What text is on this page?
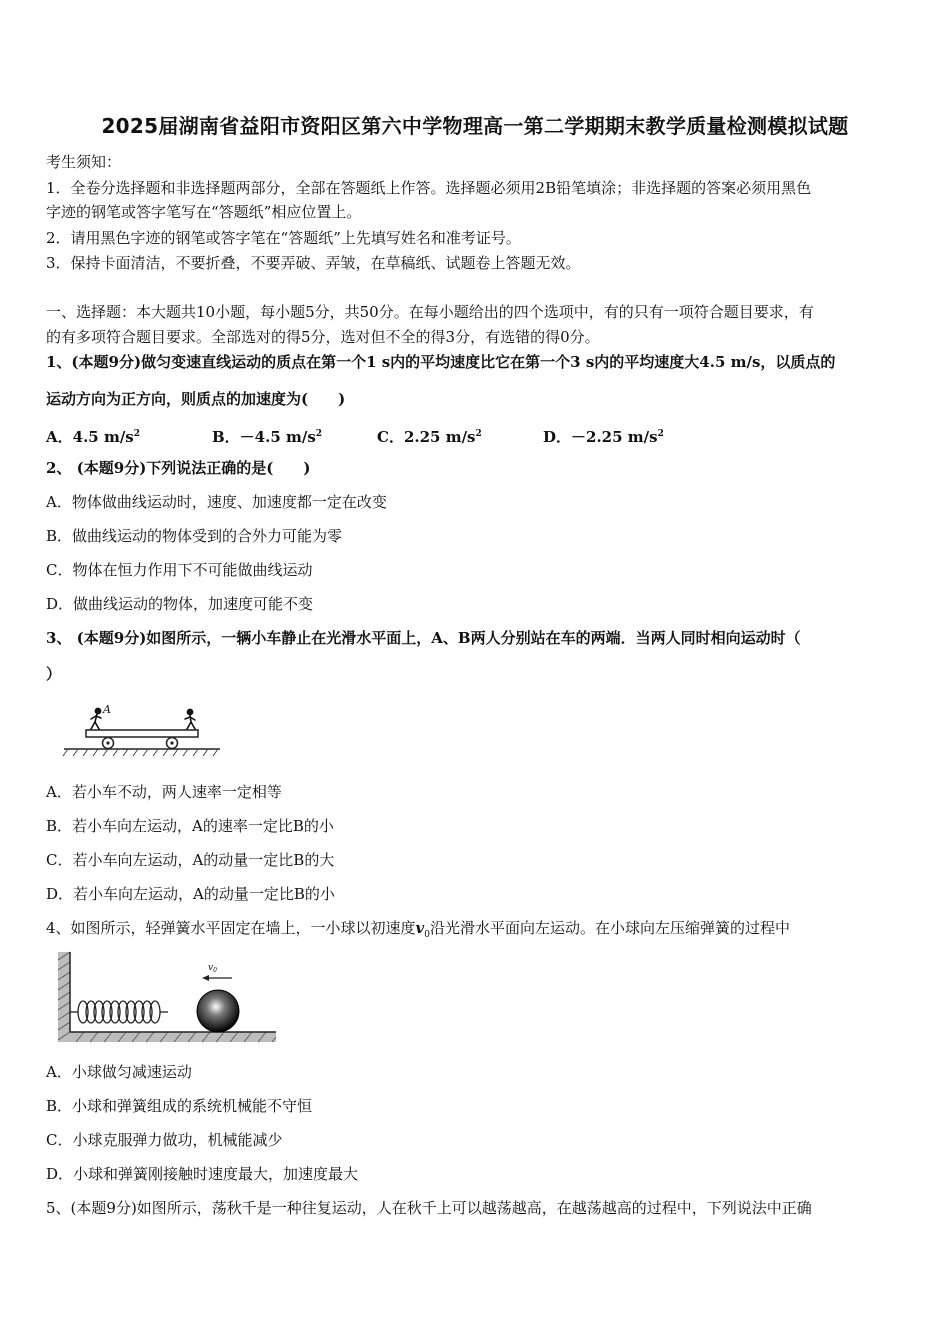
2025届湖南省益阳市资阳区第六中学物理高一第二学期期末教学质量检测模拟试题
考生须知：
1．全卷分选择题和非选择题两部分，全部在答题纸上作答。选择题必须用2B铅笔填涂；非选择题的答案必须用黑色
字迹的钢笔或答字笔写在“答题纸”相应位置上。
2．请用黑色字迹的钢笔或答字笔在“答题纸”上先填写姓名和准考证号。
3．保持卡面清洁，不要折叠，不要弄破、弄皱，在草稿纸、试题卷上答题无效。
一、选择题：本大题共10小题，每小题5分，共50分。在每小题给出的四个选项中，有的只有一项符合题目要求，有
的有多项符合题目要求。全部选对的得5分，选对但不全的得3分，有选错的得0分。
1、(本题9分)做匀变速直线运动的质点在第一个1 s内的平均速度比它在第一个3 s内的平均速度大4.5 m/s，以质点的
运动方向为正方向，则质点的加速度为(　　)
A．4.5 $m/s^2$	B．－4.5 $m/s^2$	C．2.25 $m/s^2$	D．－2.25 $m/s^2$
2、 (本题9分)下列说法正确的是(　　)
A．物体做曲线运动时，速度、加速度都一定在改变
B．做曲线运动的物体受到的合外力可能为零
C．物体在恒力作用下不可能做曲线运动
D．做曲线运动的物体，加速度可能不变
3、 (本题9分)如图所示，一辆小车静止在光滑水平面上，A、B两人分别站在车的两端．当两人同时相向运动时（
）
A
A．若小车不动，两人速率一定相等
B．若小车向左运动，A的速率一定比B的小
C．若小车向左运动，A的动量一定比B的大
D．若小车向左运动，A的动量一定比B的小
4、如图所示，轻弹簧水平固定在墙上，一小球以初速度$v_0$沿光滑水平面向左运动。在小球向左压缩弹簧的过程中
$v_0$
A．小球做匀减速运动
B．小球和弹簧组成的系统机械能不守恒
C．小球克服弹力做功，机械能减少
D．小球和弹簧刚接触时速度最大，加速度最大
5、(本题9分)如图所示，荡秋千是一种往复运动，人在秋千上可以越荡越高，在越荡越高的过程中，下列说法中正确
